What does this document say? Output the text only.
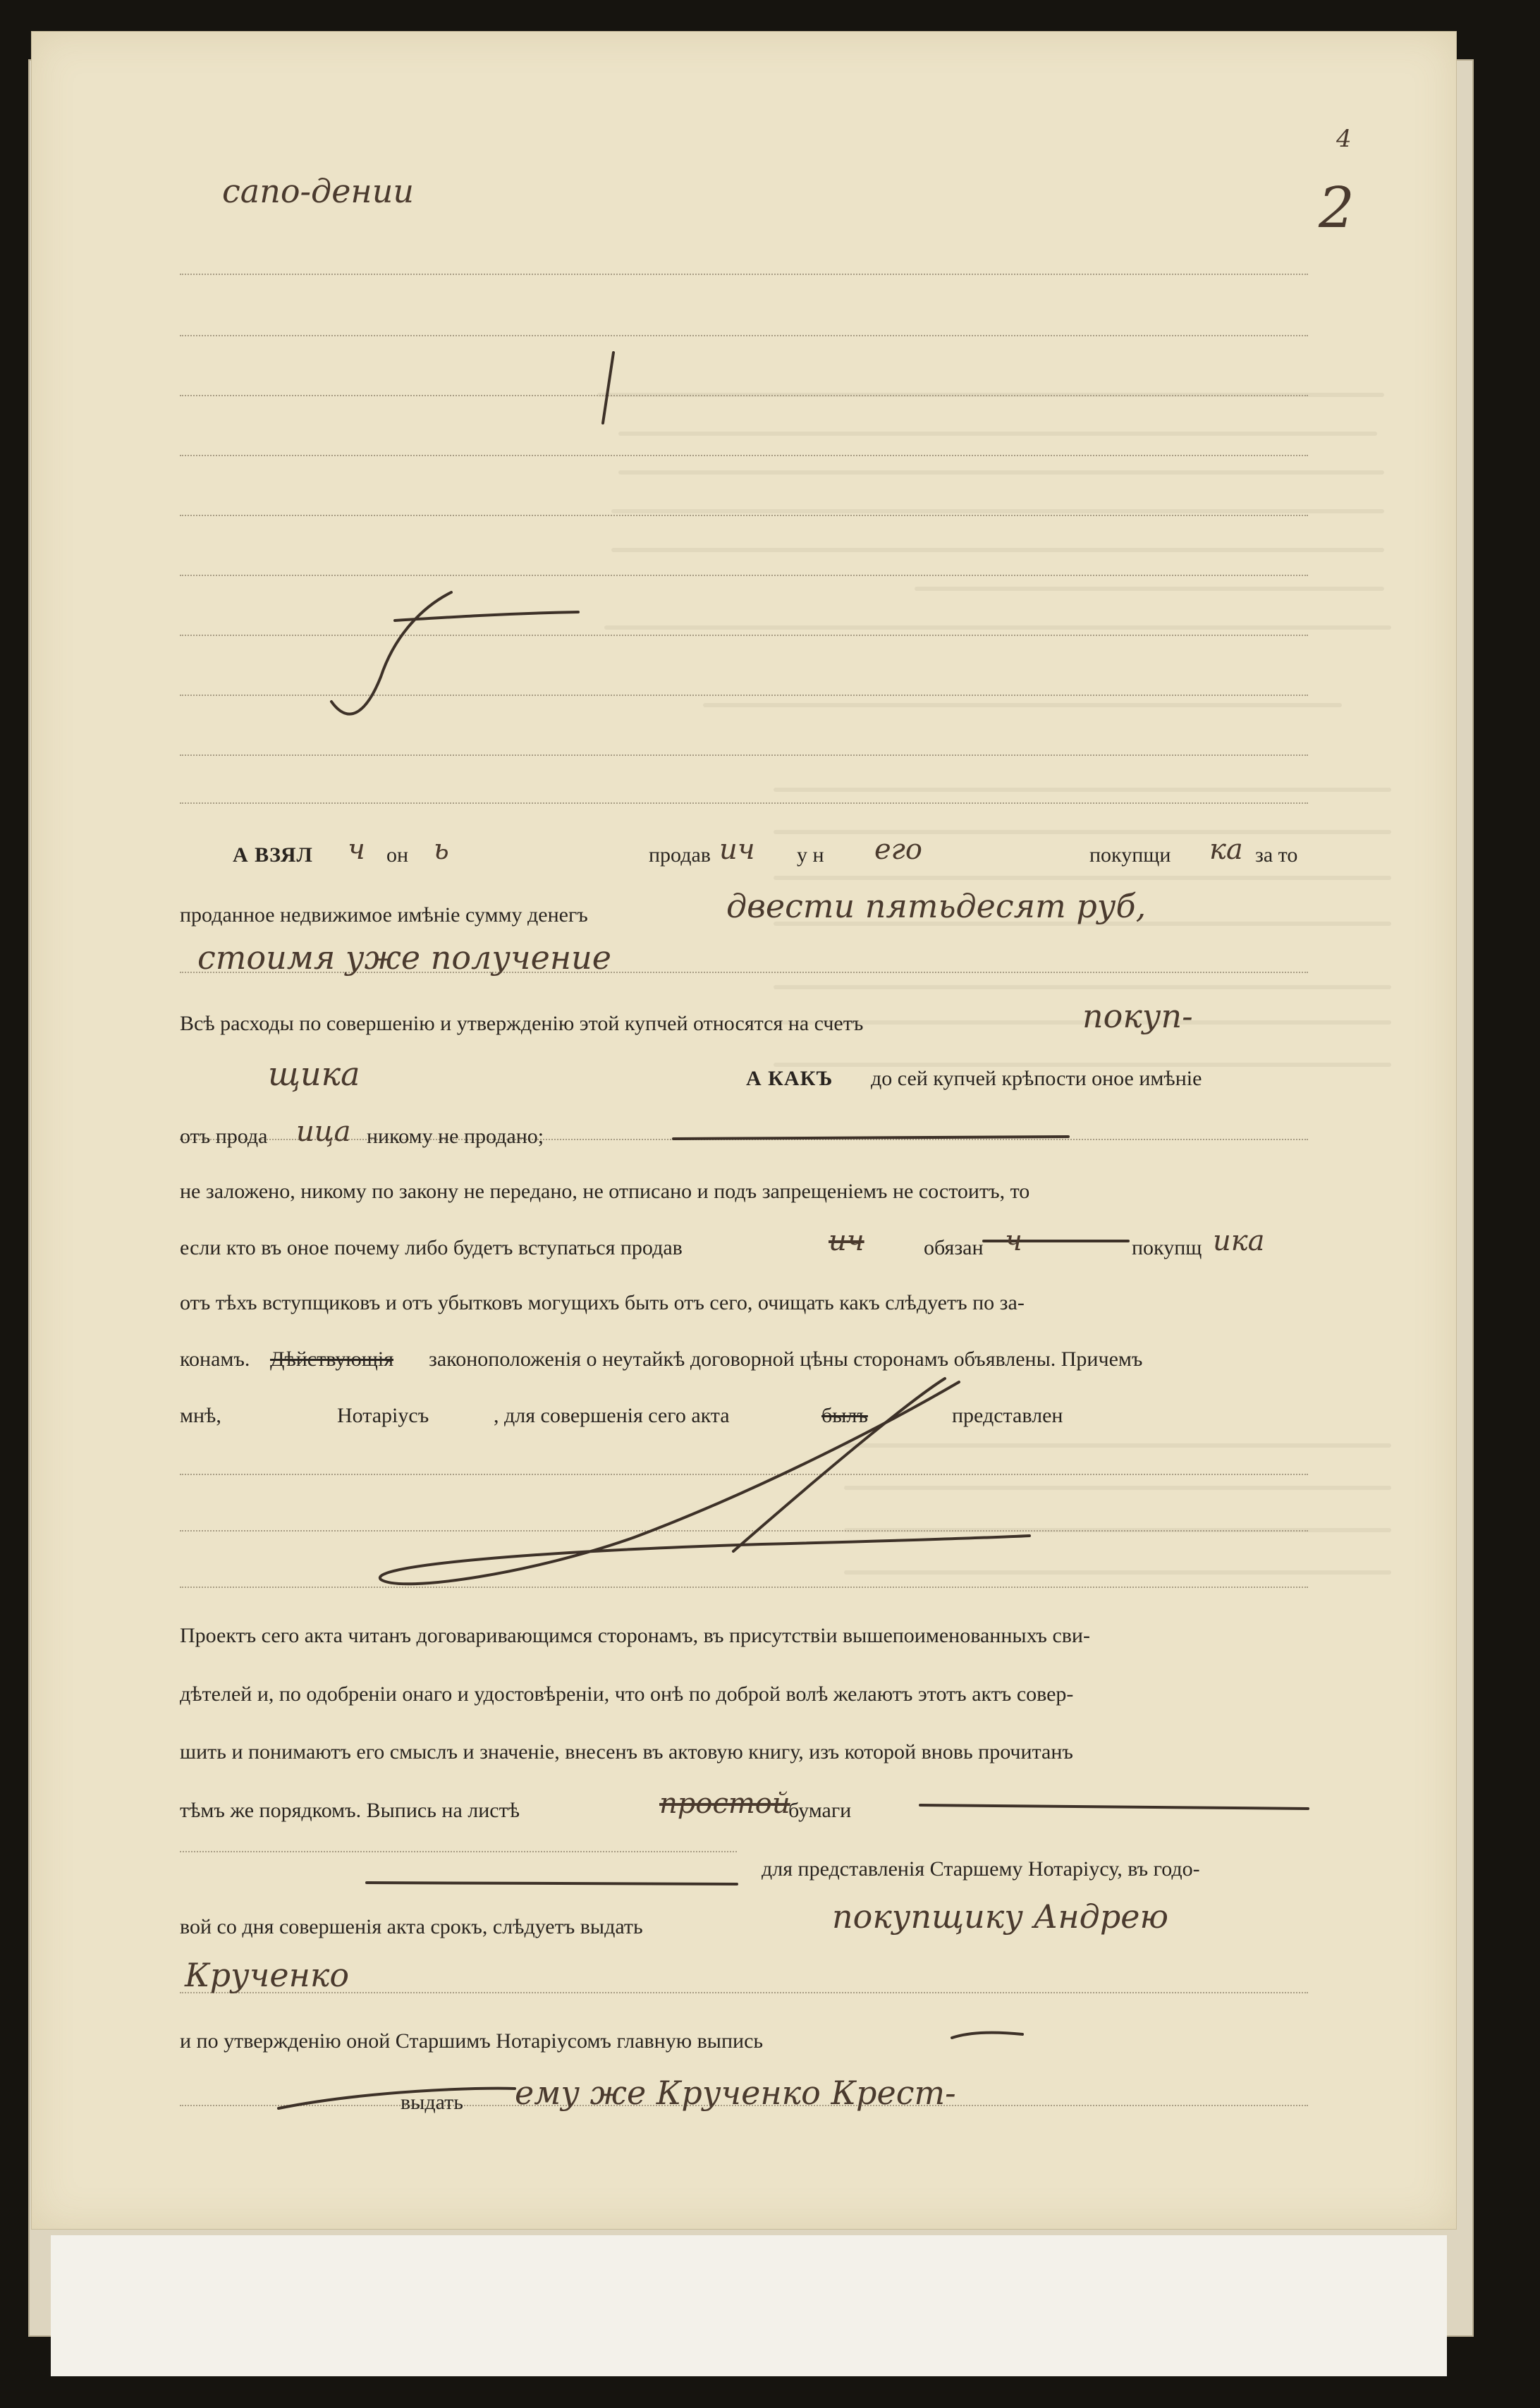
4
2
сапо-дении
А ВЗЯЛ ч он ь	продав ич у н его	покупщи ка за то
проданное недвижимое имѣніе сумму денегъ	двести пятьдесят руб,
стоимя уже получение
Всѣ расходы по совершенію и утвержденію этой купчей относятся на счетъ	покуп-
щика	А КАКЪ до сей купчей крѣпости оное имѣніе
отъ прода ица никому не продано;
не заложено, никому по закону не передано, не отписано и подъ запрещеніемъ не состоитъ, то
если кто въ оное почему либо будетъ вступаться продав	ич	обязан ч	покупщ ика
отъ тѣхъ вступщиковъ и отъ убытковъ могущихъ быть отъ сего, очищать какъ слѣдуетъ по за-
конамъ. Дѣйствующія законоположенія о неутайкѣ договорной цѣны сторонамъ объявлены. Причемъ
мнѣ,	Нотаріусъ	, для совершенія сего акта	былъ	представлен
Проектъ сего акта читанъ договаривающимся сторонамъ, въ присутствіи вышепоименованныхъ сви-
дѣтелей и, по одобреніи онаго и удостовѣреніи, что онѣ по доброй волѣ желаютъ этотъ актъ совер-
шить и понимаютъ его смыслъ и значеніе, внесенъ въ актовую книгу, изъ которой вновь прочитанъ
тѣмъ же порядкомъ. Выпись на листѣ	простой
бумаги
для представленія Старшему Нотаріусу, въ годо-
вой со дня совершенія акта срокъ, слѣдуетъ выдать	покупщику Андрею
Крученко
и по утвержденію оной Старшимъ Нотаріусомъ главную выпись
выдать ему же Крученко Крест-
